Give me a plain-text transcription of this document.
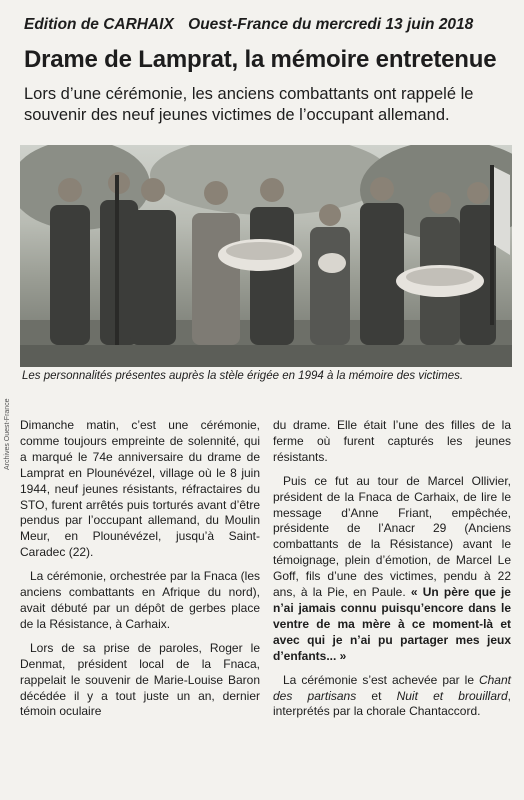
Edition de CARHAIX Ouest-France du mercredi 13 juin 2018
Drame de Lamprat, la mémoire entretenue
Lors d’une cérémonie, les anciens combattants ont rappelé le souvenir des neuf jeunes victimes de l’occupant allemand.
Archives Ouest-France
Les personnalités présentes auprès la stèle érigée en 1994 à la mémoire des victimes.

Dimanche matin, c’est une cérémonie, comme toujours empreinte de solennité, qui a marqué le 74e anniversaire du drame de Lamprat en Plounévézel, village où le 8 juin 1944, neuf jeunes résistants, réfractaires du STO, furent arrêtés puis torturés avant d’être pendus par l’occupant allemand, du Moulin Meur, en Plounévézel, jusqu’à Saint-Caradec (22).

La cérémonie, orchestrée par la Fnaca (les anciens combattants en Afrique du nord), avait débuté par un dépôt de gerbes place de la Résistance, à Carhaix.

Lors de sa prise de paroles, Roger le Denmat, président local de la Fnaca, rappelait le souvenir de Marie-Louise Baron décédée il y a tout juste un an, dernier témoin oculaire

du drame. Elle était l’une des filles de la ferme où furent capturés les jeunes résistants.

Puis ce fut au tour de Marcel Ollivier, président de la Fnaca de Carhaix, de lire le message d’Anne Friant, empêchée, présidente de l’Anacr 29 (Anciens combattants de la Résistance) avant le témoignage, plein d’émotion, de Marcel Le Goff, fils d’une des victimes, pendu à 22 ans, à la Pie, en Paule. « Un père que je n’ai jamais connu puisqu’encore dans le ventre de ma mère à ce moment-là et avec qui je n’ai pu partager mes jeux d’enfants... »

La cérémonie s’est achevée par le Chant des partisans et Nuit et brouillard, interprétés par la chorale Chantaccord.
